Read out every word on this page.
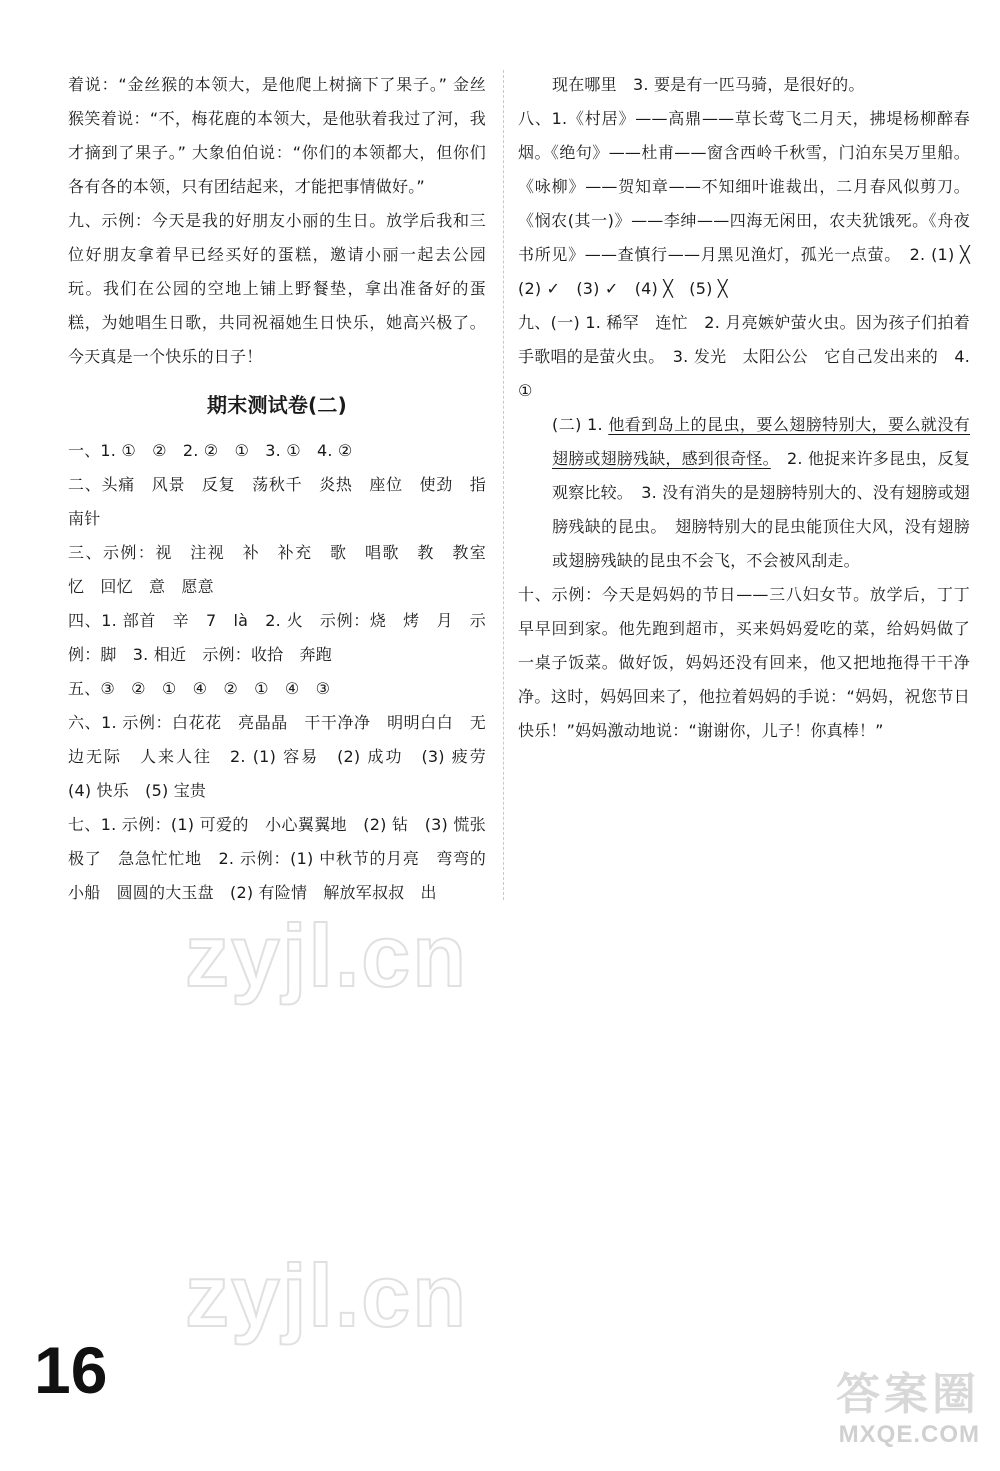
着说：“金丝猴的本领大，是他爬上树摘下了果子。” 金丝猴笑着说：“不，梅花鹿的本领大，是他驮着我过了河，我才摘到了果子。” 大象伯伯说：“你们的本领都大，但你们各有各的本领，只有团结起来，才能把事情做好。”

九、示例：今天是我的好朋友小丽的生日。放学后我和三位好朋友拿着早已经买好的蛋糕，邀请小丽一起去公园玩。我们在公园的空地上铺上野餐垫，拿出准备好的蛋糕，为她唱生日歌，共同祝福她生日快乐，她高兴极了。今天真是一个快乐的日子！

期末测试卷(二)

一、1. ①　②　2. ②　①　3. ①　4. ②

二、头痛　风景　反复　荡秋千　炎热　座位　使劲　指南针

三、示例：视　注视　补　补充　歌　唱歌　教　教室　忆　回忆　意　愿意

四、1. 部首　辛　7　là　2. 火　示例：烧　烤　月　示例：脚　3. 相近　示例：收拾　奔跑

五、③　②　①　④　②　①　④　③

六、1. 示例：白花花　亮晶晶　干干净净　明明白白　无边无际　人来人往　2. (1) 容易　(2) 成功　(3) 疲劳　(4) 快乐　(5) 宝贵

七、1. 示例：(1) 可爱的　小心翼翼地　(2) 钻　(3) 慌张极了　急急忙忙地　2. 示例：(1) 中秋节的月亮　弯弯的小船　圆圆的大玉盘　(2) 有险情　解放军叔叔　出

现在哪里　3. 要是有一匹马骑，是很好的。

八、1.《村居》——高鼎——草长莺飞二月天，拂堤杨柳醉春烟。《绝句》——杜甫——窗含西岭千秋雪，门泊东吴万里船。《咏柳》——贺知章——不知细叶谁裁出，二月春风似剪刀。《悯农(其一)》——李绅——四海无闲田，农夫犹饿死。《舟夜书所见》——查慎行——月黑见渔灯，孤光一点萤。　2. (1) ╳　(2) ✓　(3) ✓　(4) ╳　(5) ╳

九、(一) 1. 稀罕　连忙　2. 月亮嫉妒萤火虫。因为孩子们拍着手歌唱的是萤火虫。　3. 发光　太阳公公　它自己发出来的　4. ①

(二) 1. 他看到岛上的昆虫，要么翅膀特别大，要么就没有翅膀或翅膀残缺，感到很奇怪。　2. 他捉来许多昆虫，反复观察比较。　3. 没有消失的是翅膀特别大的、没有翅膀或翅膀残缺的昆虫。　翅膀特别大的昆虫能顶住大风，没有翅膀或翅膀残缺的昆虫不会飞，不会被风刮走。

十、示例：今天是妈妈的节日——三八妇女节。放学后，丁丁早早回到家。他先跑到超市，买来妈妈爱吃的菜，给妈妈做了一桌子饭菜。做好饭，妈妈还没有回来，他又把地拖得干干净净。这时，妈妈回来了，他拉着妈妈的手说：“妈妈，祝您节日快乐！”妈妈激动地说：“谢谢你，儿子！你真棒！”

zyjl.cn
zyjl.cn
16	答案圈
MXQE.COM
